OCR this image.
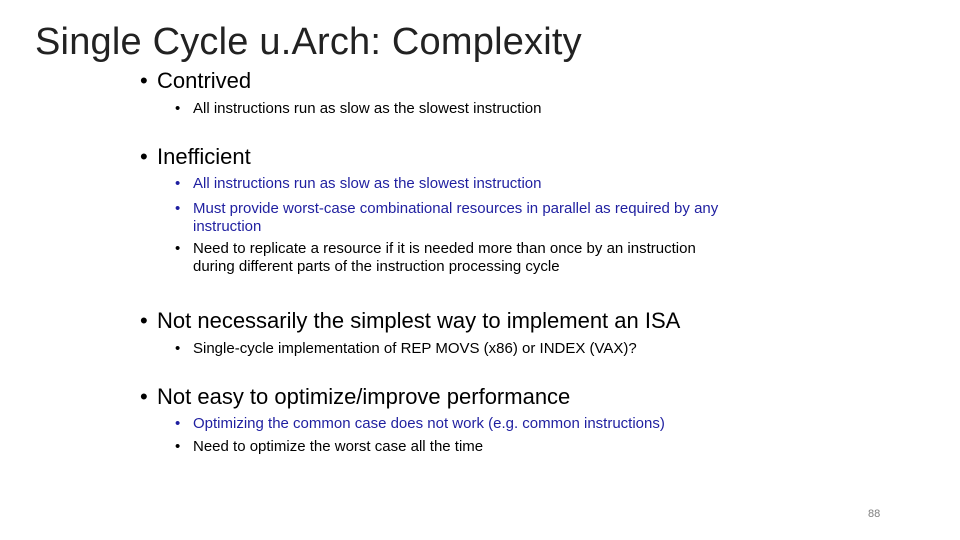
Single Cycle u.Arch: Complexity
• Contrived
• All instructions run as slow as the slowest instruction
• Inefficient
• All instructions run as slow as the slowest instruction
• Must provide worst-case combinational resources in parallel as required by any
instruction
• Need to replicate a resource if it is needed more than once by an instruction
during different parts of the instruction processing cycle
• Not necessarily the simplest way to implement an ISA
• Single-cycle implementation of REP MOVS (x86) or INDEX (VAX)?
• Not easy to optimize/improve performance
• Optimizing the common case does not work (e.g. common instructions)
• Need to optimize the worst case all the time
88
